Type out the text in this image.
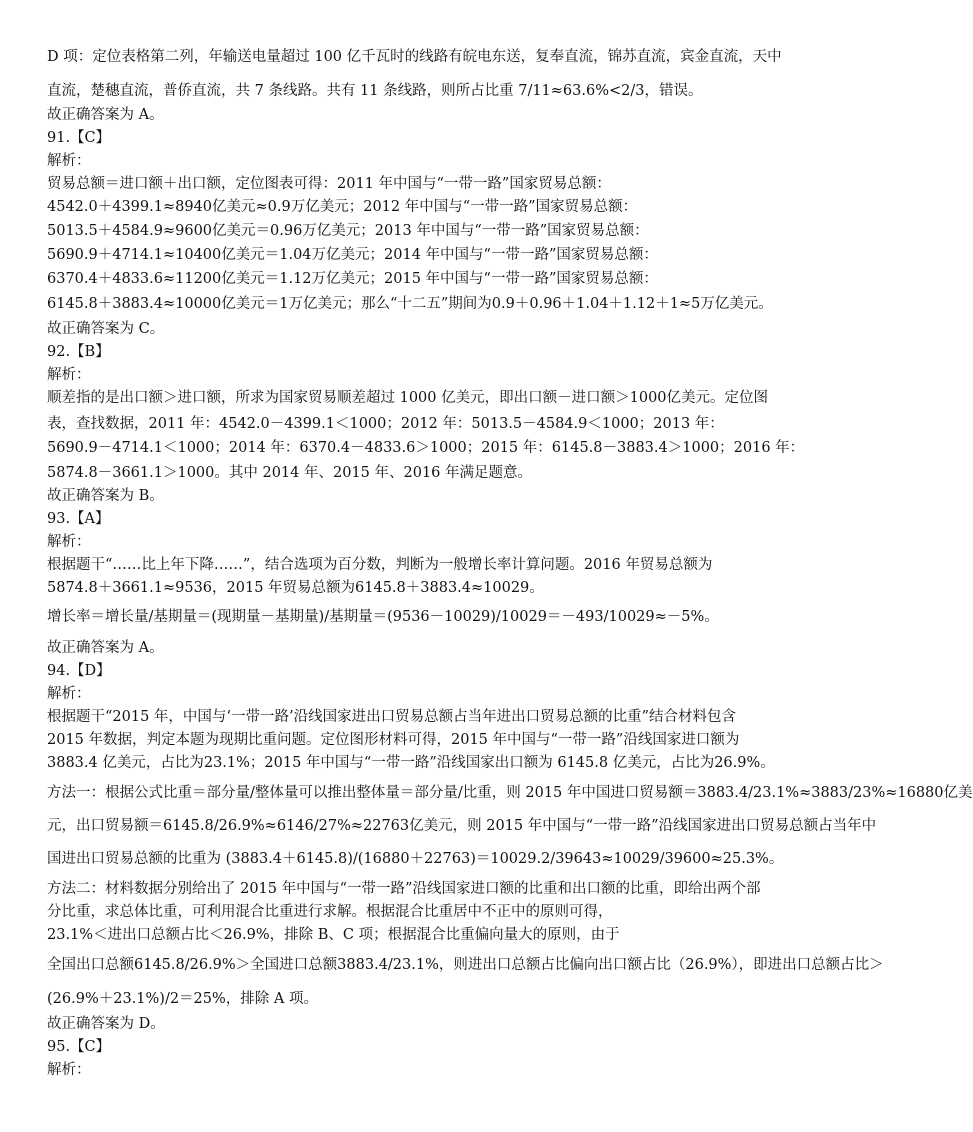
D 项：定位表格第二列，年输送电量超过 100 亿千瓦时的线路有皖电东送，复奉直流，锦苏直流，宾金直流，天中
直流，楚穗直流，普侨直流，共 7 条线路。共有 11 条线路，则所占比重 7/11≈63.6%<2/3，错误。
故正确答案为 A。
91.【C】
解析：
贸易总额＝进口额＋出口额，定位图表可得：2011 年中国与“一带一路”国家贸易总额：
4542.0＋4399.1≈8940亿美元≈0.9万亿美元；2012 年中国与“一带一路”国家贸易总额：
5013.5＋4584.9≈9600亿美元＝0.96万亿美元；2013 年中国与“一带一路”国家贸易总额：
5690.9＋4714.1≈10400亿美元＝1.04万亿美元；2014 年中国与“一带一路”国家贸易总额：
6370.4＋4833.6≈11200亿美元＝1.12万亿美元；2015 年中国与“一带一路”国家贸易总额：
6145.8＋3883.4≈10000亿美元＝1万亿美元；那么“十二五”期间为0.9＋0.96＋1.04＋1.12＋1≈5万亿美元。
故正确答案为 C。
92.【B】
解析：
顺差指的是出口额＞进口额，所求为国家贸易顺差超过 1000 亿美元，即出口额－进口额＞1000亿美元。定位图
表，查找数据，2011 年：4542.0－4399.1＜1000；2012 年：5013.5－4584.9＜1000；2013 年：
5690.9－4714.1＜1000；2014 年：6370.4－4833.6＞1000；2015 年：6145.8－3883.4＞1000；2016 年：
5874.8－3661.1＞1000。其中 2014 年、2015 年、2016 年满足题意。
故正确答案为 B。
93.【A】
解析：
根据题干“……比上年下降……”，结合选项为百分数，判断为一般增长率计算问题。2016 年贸易总额为
5874.8＋3661.1≈9536，2015 年贸易总额为6145.8＋3883.4≈10029。
增长率＝增长量/基期量＝(现期量－基期量)/基期量＝(9536－10029)/10029＝－493/10029≈－5%。
故正确答案为 A。
94.【D】
解析：
根据题干“2015 年，中国与‘一带一路’沿线国家进出口贸易总额占当年进出口贸易总额的比重”结合材料包含
2015 年数据，判定本题为现期比重问题。定位图形材料可得，2015 年中国与“一带一路”沿线国家进口额为
3883.4 亿美元，占比为23.1%；2015 年中国与“一带一路”沿线国家出口额为 6145.8 亿美元，占比为26.9%。
方法一：根据公式比重＝部分量/整体量可以推出整体量＝部分量/比重，则 2015 年中国进口贸易额＝3883.4/23.1%≈3883/23%≈16880亿美
元，出口贸易额＝6145.8/26.9%≈6146/27%≈22763亿美元，则 2015 年中国与“一带一路”沿线国家进出口贸易总额占当年中
国进出口贸易总额的比重为 (3883.4＋6145.8)/(16880＋22763)＝10029.2/39643≈10029/39600≈25.3%。
方法二：材料数据分别给出了 2015 年中国与“一带一路”沿线国家进口额的比重和出口额的比重，即给出两个部
分比重，求总体比重，可利用混合比重进行求解。根据混合比重居中不正中的原则可得，
23.1%＜进出口总额占比＜26.9%，排除 B、C 项；根据混合比重偏向量大的原则，由于
全国出口总额6145.8/26.9%＞全国进口总额3883.4/23.1%，则进出口总额占比偏向出口额占比（26.9%），即进出口总额占比＞
(26.9%＋23.1%)/2＝25%，排除 A 项。
故正确答案为 D。
95.【C】
解析：
